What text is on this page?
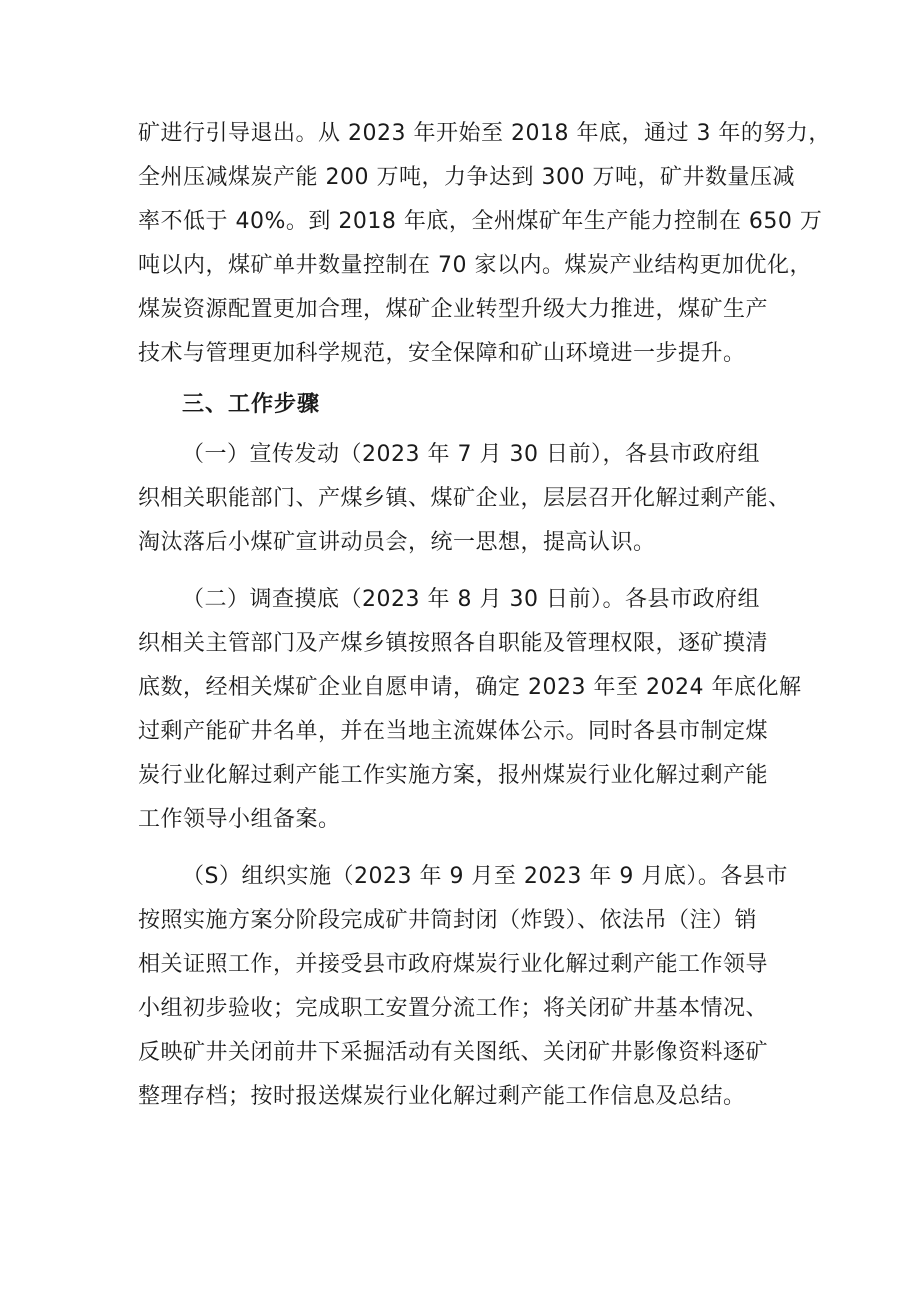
矿进行引导退出。从 2023 年开始至 2018 年底，通过 3 年的努力，
全州压减煤炭产能 200 万吨，力争达到 300 万吨，矿井数量压减
率不低于 40%。到 2018 年底，全州煤矿年生产能力控制在 650 万
吨以内，煤矿单井数量控制在 70 家以内。煤炭产业结构更加优化，
煤炭资源配置更加合理，煤矿企业转型升级大力推进，煤矿生产
技术与管理更加科学规范，安全保障和矿山环境进一步提升。
三、工作步骤
（一）宣传发动（2023 年 7 月 30 日前），各县市政府组
织相关职能部门、产煤乡镇、煤矿企业，层层召开化解过剩产能、
淘汰落后小煤矿宣讲动员会，统一思想，提高认识。
（二）调查摸底（2023 年 8 月 30 日前）。各县市政府组
织相关主管部门及产煤乡镇按照各自职能及管理权限，逐矿摸清
底数，经相关煤矿企业自愿申请，确定 2023 年至 2024 年底化解
过剩产能矿井名单，并在当地主流媒体公示。同时各县市制定煤
炭行业化解过剩产能工作实施方案，报州煤炭行业化解过剩产能
工作领导小组备案。
（S）组织实施（2023 年 9 月至 2023 年 9 月底）。各县市
按照实施方案分阶段完成矿井筒封闭（炸毁）、依法吊（注）销
相关证照工作，并接受县市政府煤炭行业化解过剩产能工作领导
小组初步验收；完成职工安置分流工作；将关闭矿井基本情况、
反映矿井关闭前井下采掘活动有关图纸、关闭矿井影像资料逐矿
整理存档；按时报送煤炭行业化解过剩产能工作信息及总结。
